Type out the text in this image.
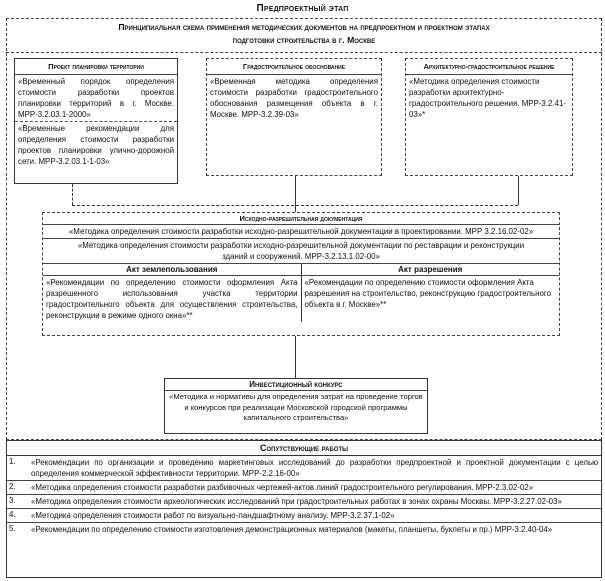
Предпроектный этап
Принципиальная схема применения методических документов на предпроектном и проектном этапах
подготовки строительства в г. Москве
Проект планировки территории
«Временный порядок определения стоимости разработки проектов планировки территорий в г. Москве. МРР-3.2.03.1-2000»
«Временные рекомендации для определения стоимости разработки проектов планировки улично-дорожной сети. МРР-3.2.03.1-1-03»
Градостроительное обоснование
«Временная методика определения стоимости разработки градостроительного обоснования размещения объекта в г. Москве. МРР-3.2.39-03»
Архитектурно-градостроительное решение
«Методика определения стоимости разработки архитектурно-градостроительного решения. МРР-3.2.41-03»*
Исходно-разрешительная документация
«Методика определения стоимости разработки исходно-разрешительной документации в проектировании. МРР 3.2.16.02-02»
«Методика определения стоимости разработки исходно-разрешительной документации по реставрации и реконструкции зданий и сооружений. МРР-3.2.13.1.02-00»
Акт землепользования
«Рекомендации по определению стоимости оформления Акта разрешенного использования участка территории градостроительного объекта для осуществления строительства, реконструкции в режиме одного окна»**
Акт разрешения
«Рекомендации по определению стоимости оформления Акта разрешения на строительство, реконструкцию градостроительного объекта в г. Москве»**
Инвестиционный конкурс
«Методика и нормативы для определения затрат на проведение торгов и конкурсов при реализации Московской городской программы капитального строительства»
Сопутствующие работы
1.	«Рекомендации по организации и проведению маркетинговых исследований до разработки предпроектной и проектной документации с целью определения коммерческой эффективности территории. МРР-2.2.16-00»
2.	«Методика определения стоимости разработки разбивочных чертежей-актов линий градостроительного регулирования. МРР-2.3.02-02»
3.	«Методика определения стоимости археологических исследований при градостроительных работах в зонах охраны Москвы. МРР-3.2.27.02-03»
4.	«Методика определения стоимости работ по визуально-ландшафтному анализу. МРР-3.2.37.1-02»
5.	«Рекомендации по определению стоимости изготовления демонстрационных материалов (макеты, планшеты, буклеты и пр.) МРР-3.2.40-04»
